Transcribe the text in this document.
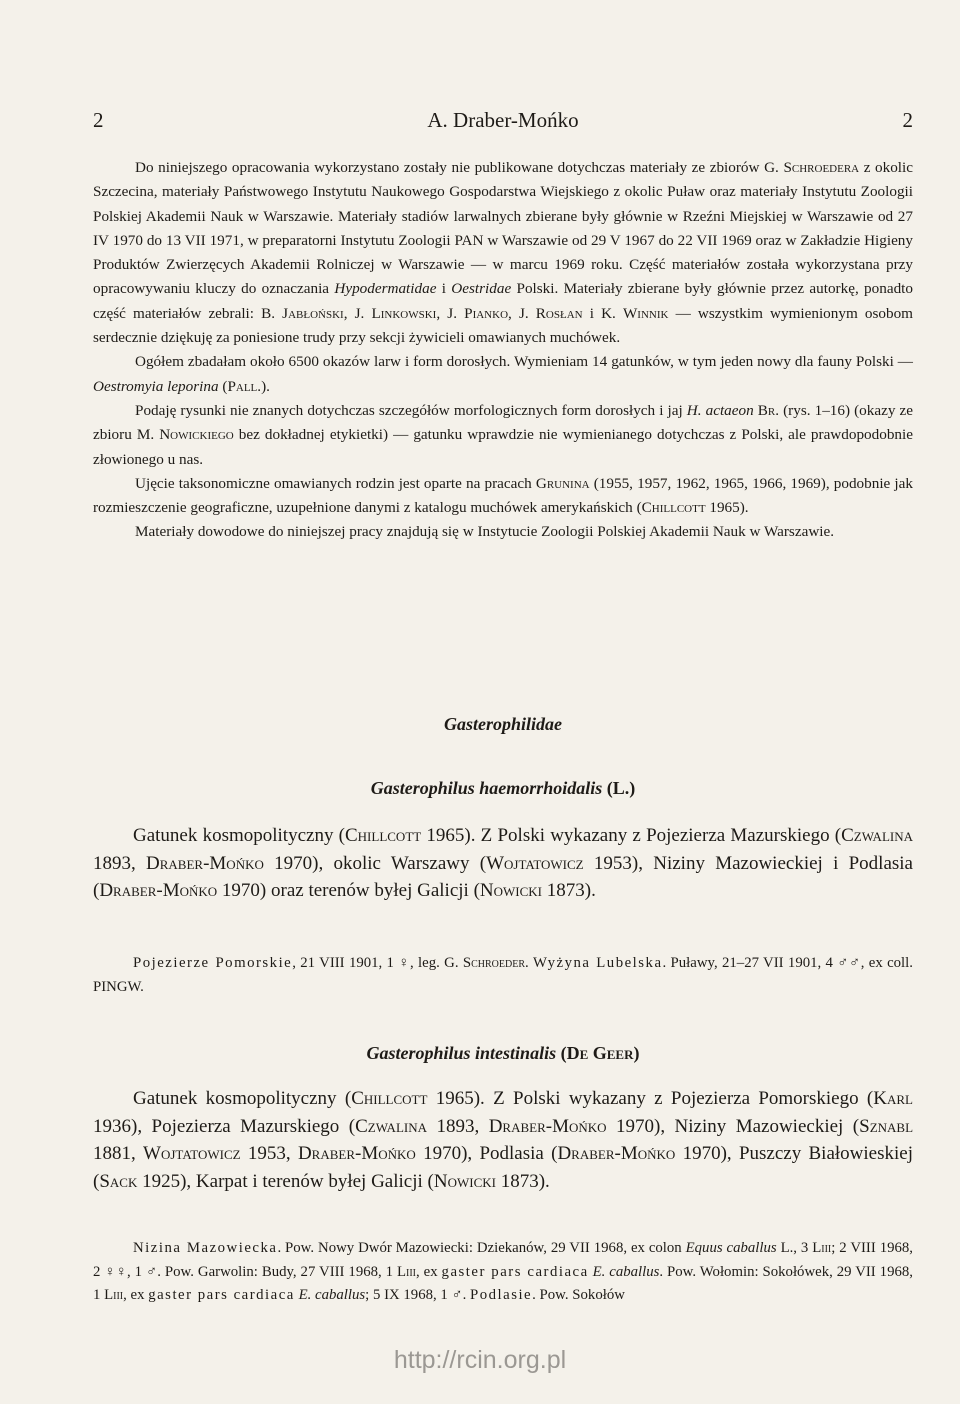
2	A. Draber-Mońko	2

Do niniejszego opracowania wykorzystano zostały nie publikowane dotychczas materiały ze zbiorów G. Schroedera z okolic Szczecina, materiały Państwowego Instytutu Naukowego Gospodarstwa Wiejskiego z okolic Puław oraz materiały Instytutu Zoologii Polskiej Akademii Nauk w Warszawie. Materiały stadiów larwalnych zbierane były głównie w Rzeźni Miejskiej w Warszawie od 27 IV 1970 do 13 VII 1971, w preparatorni Instytutu Zoologii PAN w Warszawie od 29 V 1967 do 22 VII 1969 oraz w Zakładzie Higieny Produktów Zwierzęcych Akademii Rolniczej w Warszawie — w marcu 1969 roku. Część materiałów została wykorzystana przy opracowywaniu kluczy do oznaczania Hypodermatidae i Oestridae Polski. Materiały zbierane były głównie przez autorkę, ponadto część materiałów zebrali: B. Jabłoński, J. Linkowski, J. Pianko, J. Rosłan i K. Winnik — wszystkim wymienionym osobom serdecznie dziękuję za poniesione trudy przy sekcji żywicieli omawianych muchówek.

Ogółem zbadałam około 6500 okazów larw i form dorosłych. Wymieniam 14 gatunków, w tym jeden nowy dla fauny Polski — Oestromyia leporina (Pall.).

Podaję rysunki nie znanych dotychczas szczegółów morfologicznych form dorosłych i jaj H. actaeon Br. (rys. 1–16) (okazy ze zbioru M. Nowickiego bez dokładnej etykietki) — gatunku wprawdzie nie wymienianego dotychczas z Polski, ale prawdopodobnie złowionego u nas.

Ujęcie taksonomiczne omawianych rodzin jest oparte na pracach Grunina (1955, 1957, 1962, 1965, 1966, 1969), podobnie jak rozmieszczenie geograficzne, uzupełnione danymi z katalogu muchówek amerykańskich (Chillcott 1965).

Materiały dowodowe do niniejszej pracy znajdują się w Instytucie Zoologii Polskiej Akademii Nauk w Warszawie.

Gasterophilidae
Gasterophilus haemorrhoidalis (L.)

Gatunek kosmopolityczny (Chillcott 1965). Z Polski wykazany z Pojezierza Mazurskiego (Czwalina 1893, Draber-Mońko 1970), okolic Warszawy (Wojtatowicz 1953), Niziny Mazowieckiej i Podlasia (Draber-Mońko 1970) oraz terenów byłej Galicji (Nowicki 1873).

Pojezierze Pomorskie, 21 VIII 1901, 1 ♀, leg. G. Schroeder. Wyżyna Lubelska. Puławy, 21–27 VII 1901, 4 ♂♂, ex coll. PINGW.

Gasterophilus intestinalis (De Geer)

Gatunek kosmopolityczny (Chillcott 1965). Z Polski wykazany z Pojezierza Pomorskiego (Karl 1936), Pojezierza Mazurskiego (Czwalina 1893, Draber-Mońko 1970), Niziny Mazowieckiej (Sznabl 1881, Wojtatowicz 1953, Draber-Mońko 1970), Podlasia (Draber-Mońko 1970), Puszczy Białowieskiej (Sack 1925), Karpat i terenów byłej Galicji (Nowicki 1873).

Nizina Mazowiecka. Pow. Nowy Dwór Mazowiecki: Dziekanów, 29 VII 1968, ex colon Equus caballus L., 3 Liii; 2 VIII 1968, 2 ♀♀, 1 ♂. Pow. Garwolin: Budy, 27 VIII 1968, 1 Liii, ex gaster pars cardiaca E. caballus. Pow. Wołomin: Sokołówek, 29 VII 1968, 1 Liii, ex gaster pars cardiaca E. caballus; 5 IX 1968, 1 ♂. Podlasie. Pow. Sokołów

http://rcin.org.pl
